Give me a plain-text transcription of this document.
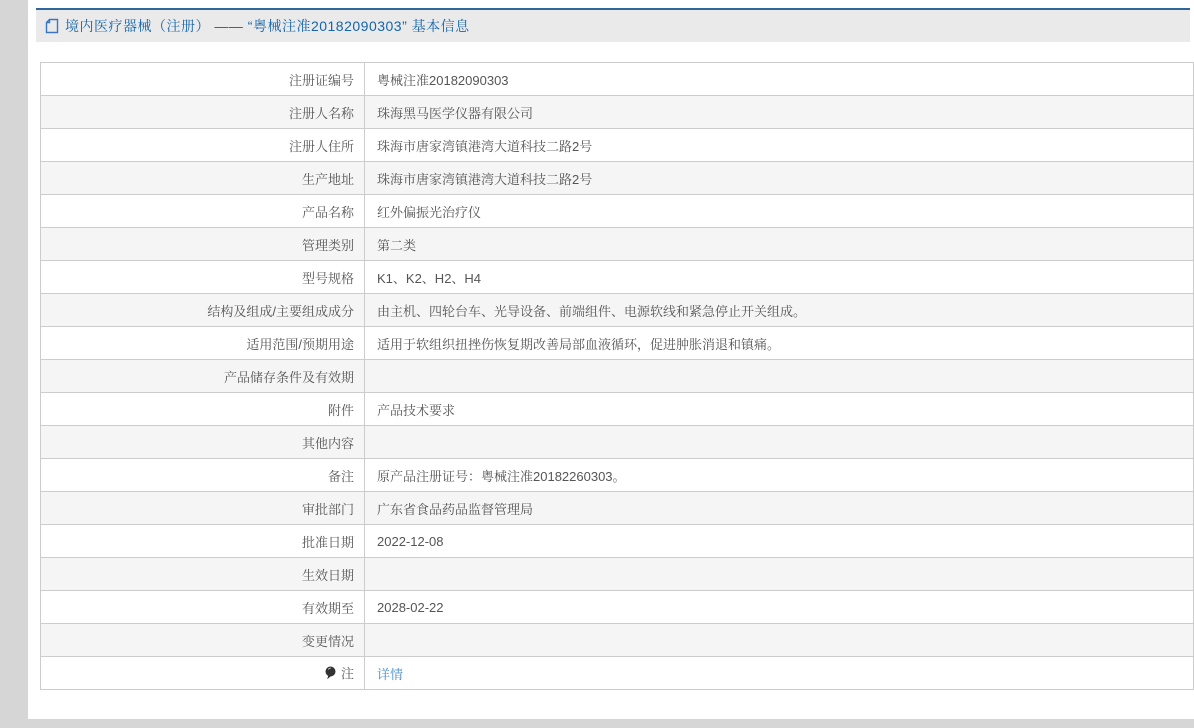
境内医疗器械（注册） —— “粤械注准20182090303” 基本信息
注册证编号	粤械注准20182090303
注册人名称	珠海黑马医学仪器有限公司
注册人住所	珠海市唐家湾镇港湾大道科技二路2号
生产地址	珠海市唐家湾镇港湾大道科技二路2号
产品名称	红外偏振光治疗仪
管理类别	第二类
型号规格	K1、K2、H2、H4
结构及组成/主要组成成分	由主机、四轮台车、光导设备、前端组件、电源软线和紧急停止开关组成。
适用范围/预期用途	适用于软组织扭挫伤恢复期改善局部血液循环，促进肿胀消退和镇痛。
产品储存条件及有效期	
附件	产品技术要求
其他内容	
备注	原产品注册证号：粤械注准20182260303。
审批部门	广东省食品药品监督管理局
批准日期	2022-12-08
生效日期	
有效期至	2028-02-22
变更情况	

注	详情
